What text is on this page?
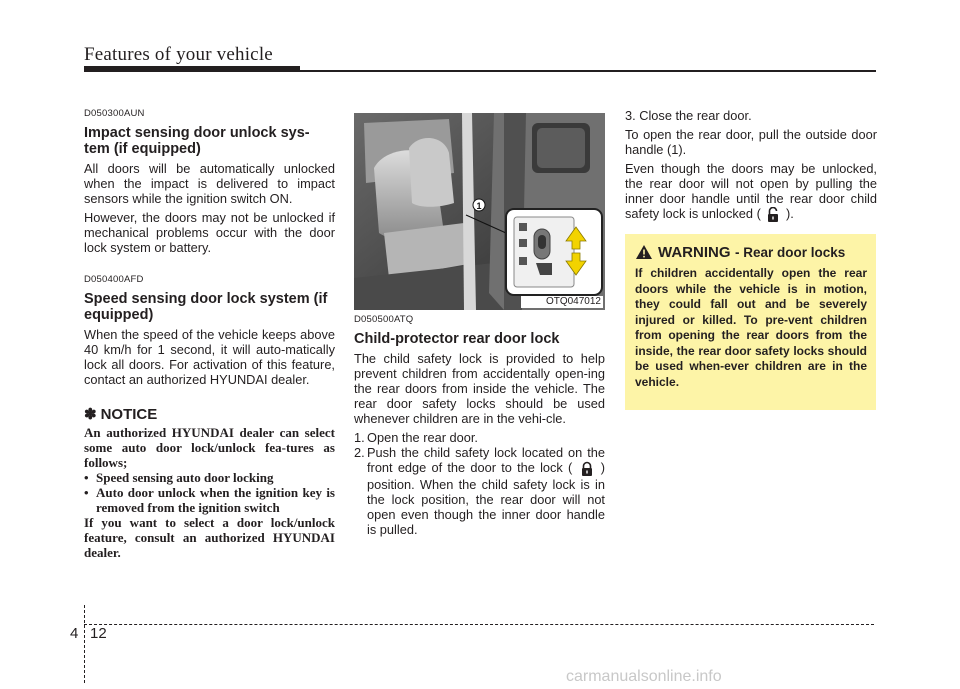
Features of your vehicle

D050300AUN

Impact sensing door unlock sys-tem (if equipped)

All doors will be automatically unlocked when the impact is delivered to impact sensors while the ignition switch ON.

However, the doors may not be unlocked if mechanical problems occur with the door lock system or battery.

D050400AFD

Speed sensing door lock system (if equipped)

When the speed of the vehicle keeps above 40 km/h for 1 second, it will auto-matically lock all doors. For activation of this feature, contact an authorized HYUNDAI dealer.

✽ NOTICE

An authorized HYUNDAI dealer can select some auto door lock/unlock fea-tures as follows;

• Speed sensing auto door locking
• Auto door unlock when the ignition key is removed from the ignition switch

If you want to select a door lock/unlock feature, consult an authorized HYUNDAI dealer.

1
OTQ047012

D050500ATQ

Child-protector rear door lock

The child safety lock is provided to help prevent children from accidentally open-ing the rear doors from inside the vehicle. The rear door safety locks should be used whenever children are in the vehi-cle.

1. Open the rear door.
2. Push the child safety lock located on the front edge of the door to the lock ( ) position. When the child safety lock is in the lock position, the rear door will not open even though the inner door handle is pulled.

3. Close the rear door.

To open the rear door, pull the outside door handle (1).

Even though the doors may be unlocked, the rear door will not open by pulling the inner door handle until the rear door child safety lock is unlocked ( ).

WARNING - Rear door locks

If children accidentally open the rear doors while the vehicle is in motion, they could fall out and be severely injured or killed. To pre-vent children from opening the rear doors from the inside, the rear door safety locks should be used when-ever children are in the vehicle.

4 12
carmanualsonline.info
